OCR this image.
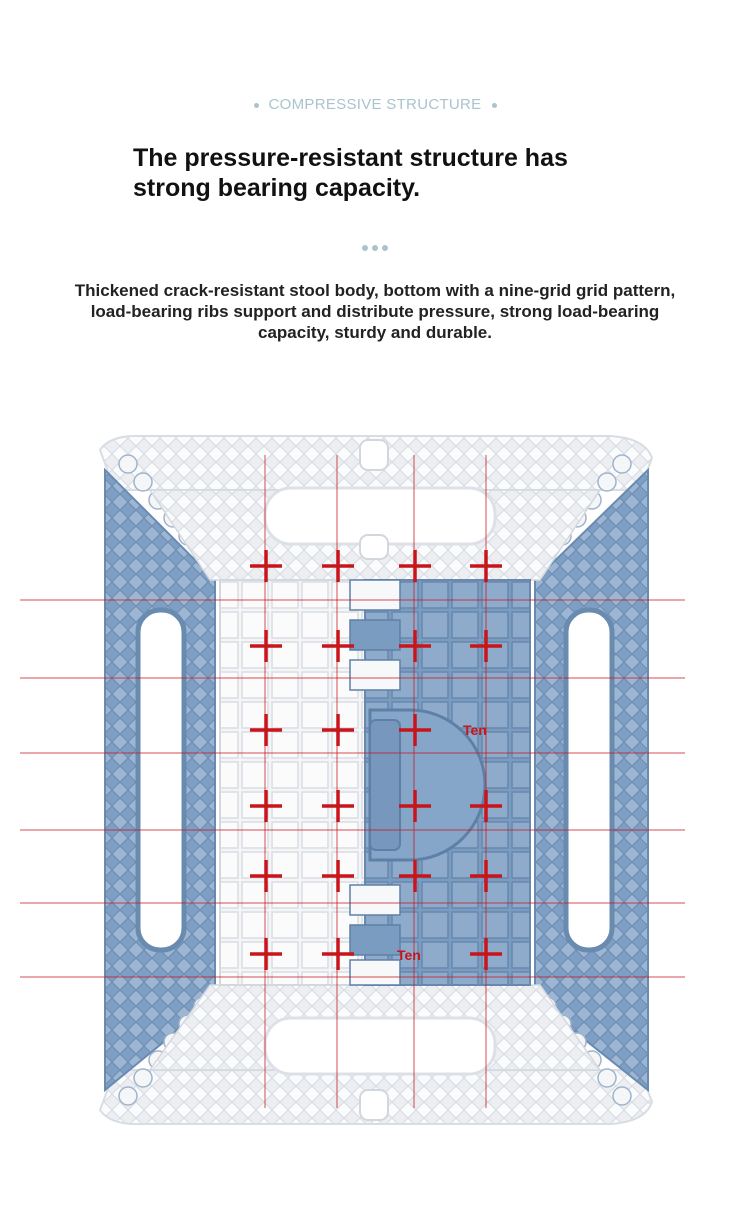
COMPRESSIVE STRUCTURE
The pressure-resistant structure has strong bearing capacity.

Thickened crack-resistant stool body, bottom with a nine-grid grid pattern, load-bearing ribs support and distribute pressure, strong load-bearing capacity, sturdy and durable.

Ten
Ten
